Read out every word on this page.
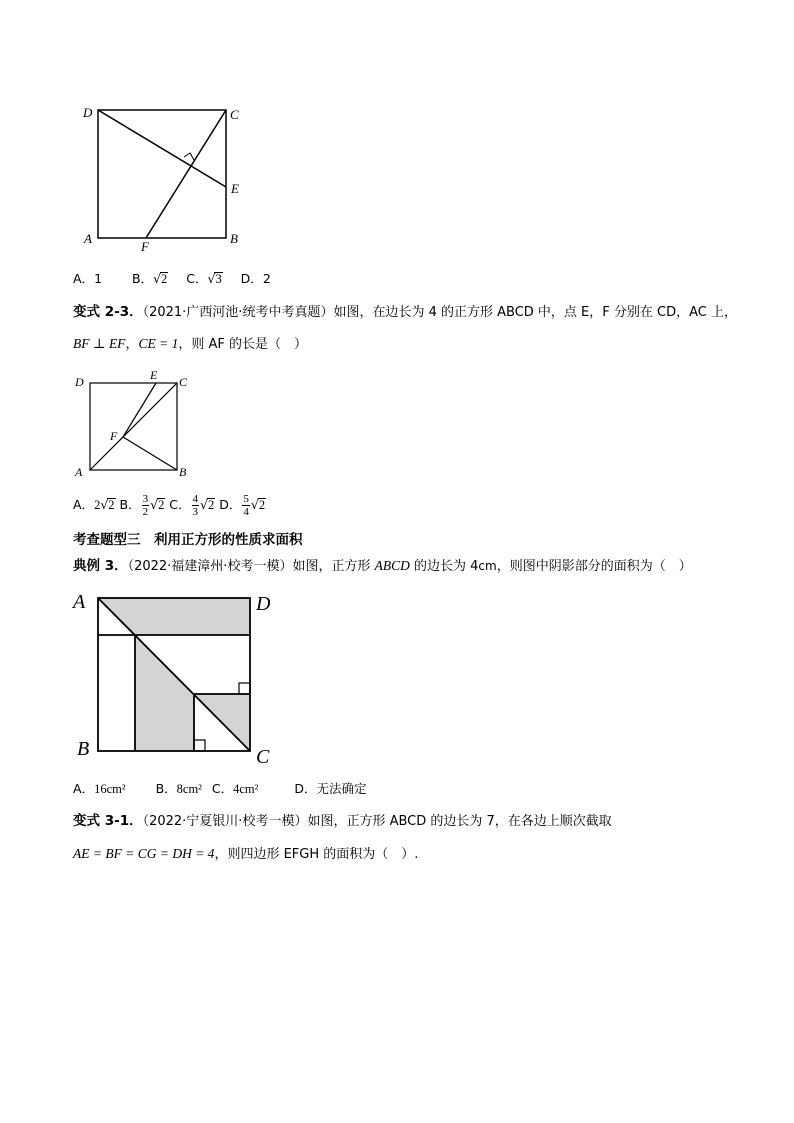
D	C
E
A	B
F
A．1 B．√2 C．√3 D．2
变式 2-3．（2021·广西河池·统考中考真题）如图，在边长为 4 的正方形 ABCD 中，点 E，F 分别在 CD，AC 上，
BF ⊥ EF，CE = 1，则 AF 的长是（　）
D	E C
F
A	B
A．2√2 B． $\frac{3}{2} √2$ C． $\frac{4}{3} √2$ D． $\frac{5}{4} √2$
考查题型三　利用正方形的性质求面积
典例 3．（2022·福建漳州·校考一模）如图，正方形 ABCD 的边长为 4cm，则图中阴影部分的面积为（　）
A	D
B	C
A．16cm² B．8cm² C．4cm²	D．无法确定
变式 3-1．（2022·宁夏银川·校考一模）如图，正方形 ABCD 的边长为 7，在各边上顺次截取
AE = BF = CG = DH = 4，则四边形 EFGH 的面积为（　）.
